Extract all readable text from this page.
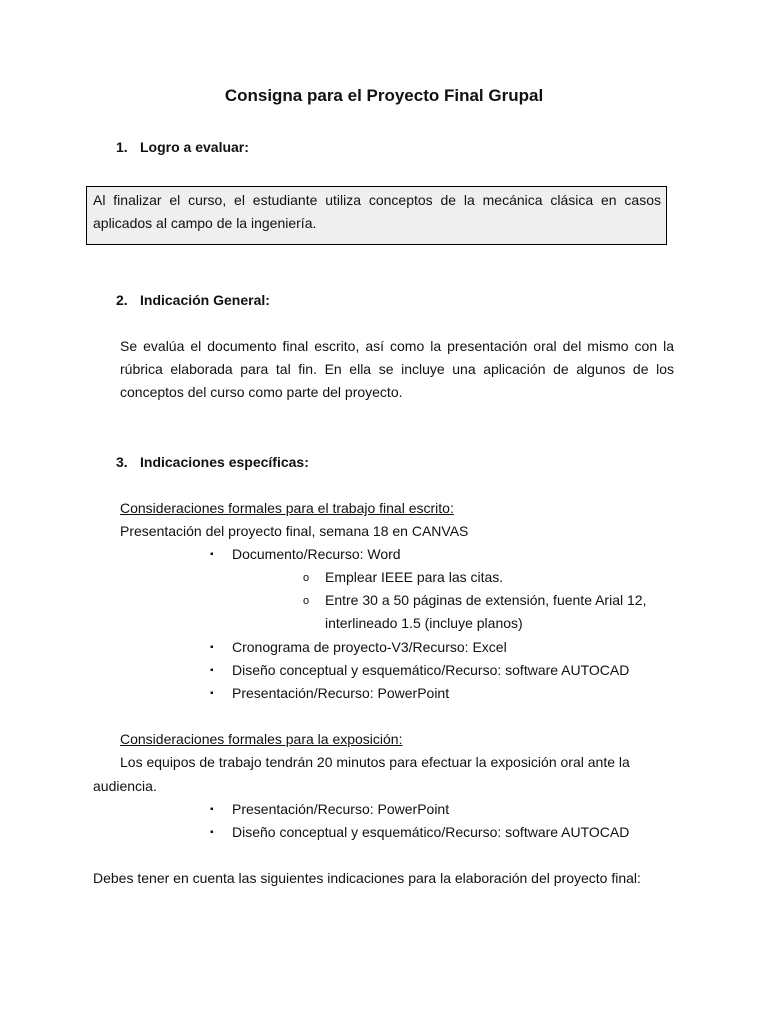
Consigna para el Proyecto Final Grupal
1. Logro a evaluar:
Al finalizar el curso, el estudiante utiliza conceptos de la mecánica clásica en casos aplicados al campo de la ingeniería.
2. Indicación General:
Se evalúa el documento final escrito, así como la presentación oral del mismo con la rúbrica elaborada para tal fin. En ella se incluye una aplicación de algunos de los conceptos del curso como parte del proyecto.
3. Indicaciones específicas:
Consideraciones formales para el trabajo final escrito:
Presentación del proyecto final, semana 18 en CANVAS
▪ Documento/Recurso: Word
o Emplear IEEE para las citas.
o Entre 30 a 50 páginas de extensión, fuente Arial 12,
interlineado 1.5 (incluye planos)
▪ Cronograma de proyecto-V3/Recurso: Excel
▪ Diseño conceptual y esquemático/Recurso: software AUTOCAD
▪ Presentación/Recurso: PowerPoint
Consideraciones formales para la exposición:
Los equipos de trabajo tendrán 20 minutos para efectuar la exposición oral ante la
audiencia.
▪ Presentación/Recurso: PowerPoint
▪ Diseño conceptual y esquemático/Recurso: software AUTOCAD
Debes tener en cuenta las siguientes indicaciones para la elaboración del proyecto final:
